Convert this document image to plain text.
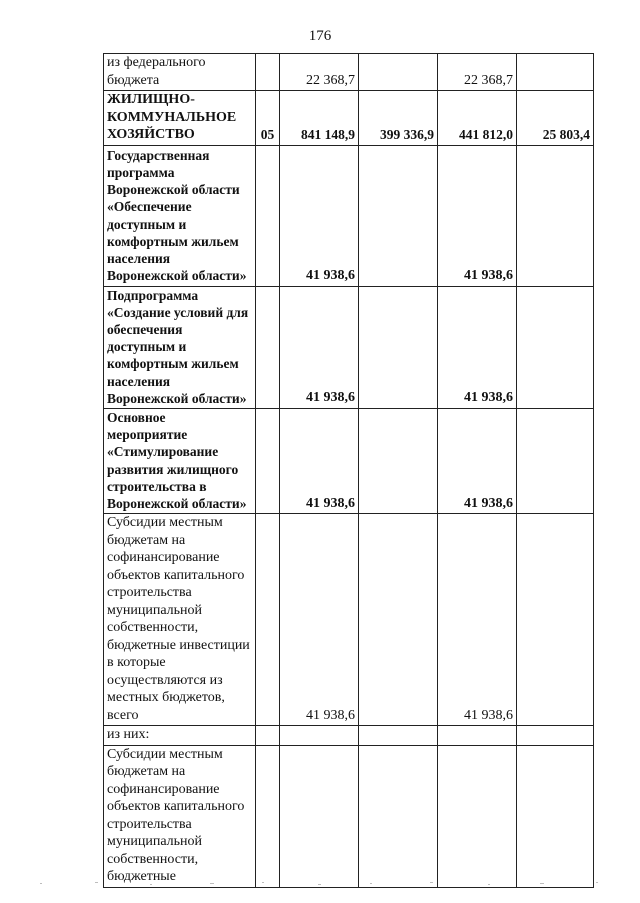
176
из федерального бюджета		22 368,7		22 368,7	

ЖИЛИЩНО-КОММУНАЛЬНОЕ ХОЗЯЙСТВО	05	841 148,9	399 336,9	441 812,0	25 803,4

Государственная программа Воронежской области «Обеспечение доступным и комфортным жильем населения Воронежской области»		41 938,6		41 938,6	

Подпрограмма «Создание условий для обеспечения доступным и комфортным жильем населения Воронежской области»		41 938,6		41 938,6	

Основное мероприятие «Стимулирование развития жилищного строительства в Воронежской области»		41 938,6		41 938,6	

Субсидии местным бюджетам на софинансирование объектов капитального строительства муниципальной собственности, бюджетные инвестиции в которые осуществляются из местных бюджетов, всего		41 938,6		41 938,6	

из них:					

Субсидии местным бюджетам на софинансирование объектов капитального строительства муниципальной собственности, бюджетные					
